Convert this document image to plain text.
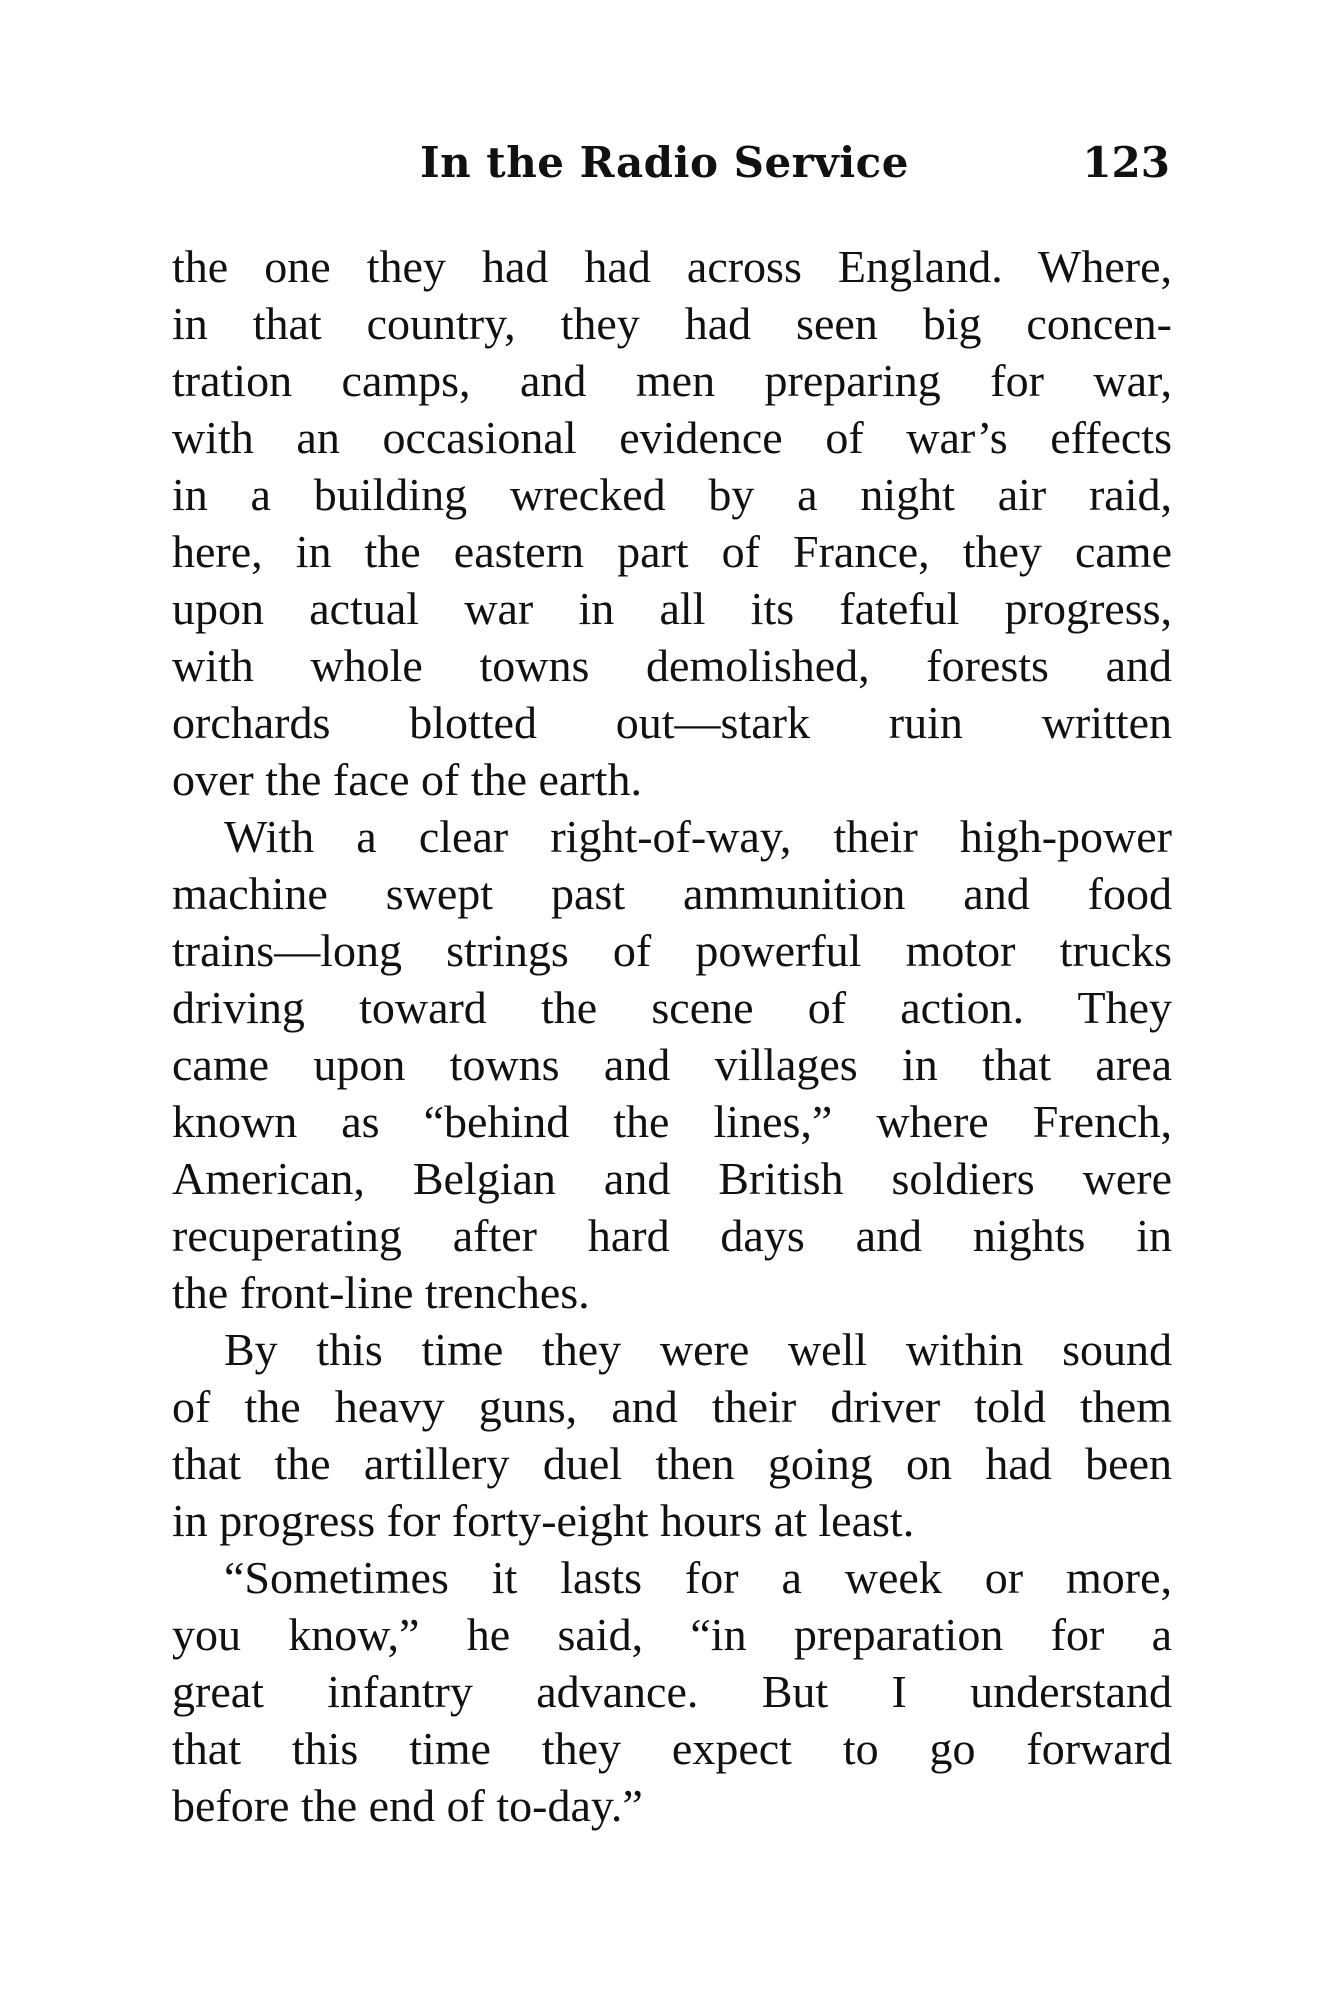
In the Radio Service	123
the one they had had across England. Where,
in that country, they had seen big concen-
tration camps, and men preparing for war,
with an occasional evidence of war’s effects
in a building wrecked by a night air raid,
here, in the eastern part of France, they came
upon actual war in all its fateful progress,
with whole towns demolished, forests and
orchards blotted out—stark ruin written
over the face of the earth.
With a clear right-of-way, their high-power
machine swept past ammunition and food
trains—long strings of powerful motor trucks
driving toward the scene of action. They
came upon towns and villages in that area
known as “behind the lines,” where French,
American, Belgian and British soldiers were
recuperating after hard days and nights in
the front-line trenches.
By this time they were well within sound
of the heavy guns, and their driver told them
that the artillery duel then going on had been
in progress for forty-eight hours at least.
“Sometimes it lasts for a week or more,
you know,” he said, “in preparation for a
great infantry advance. But I understand
that this time they expect to go forward
before the end of to-day.”
